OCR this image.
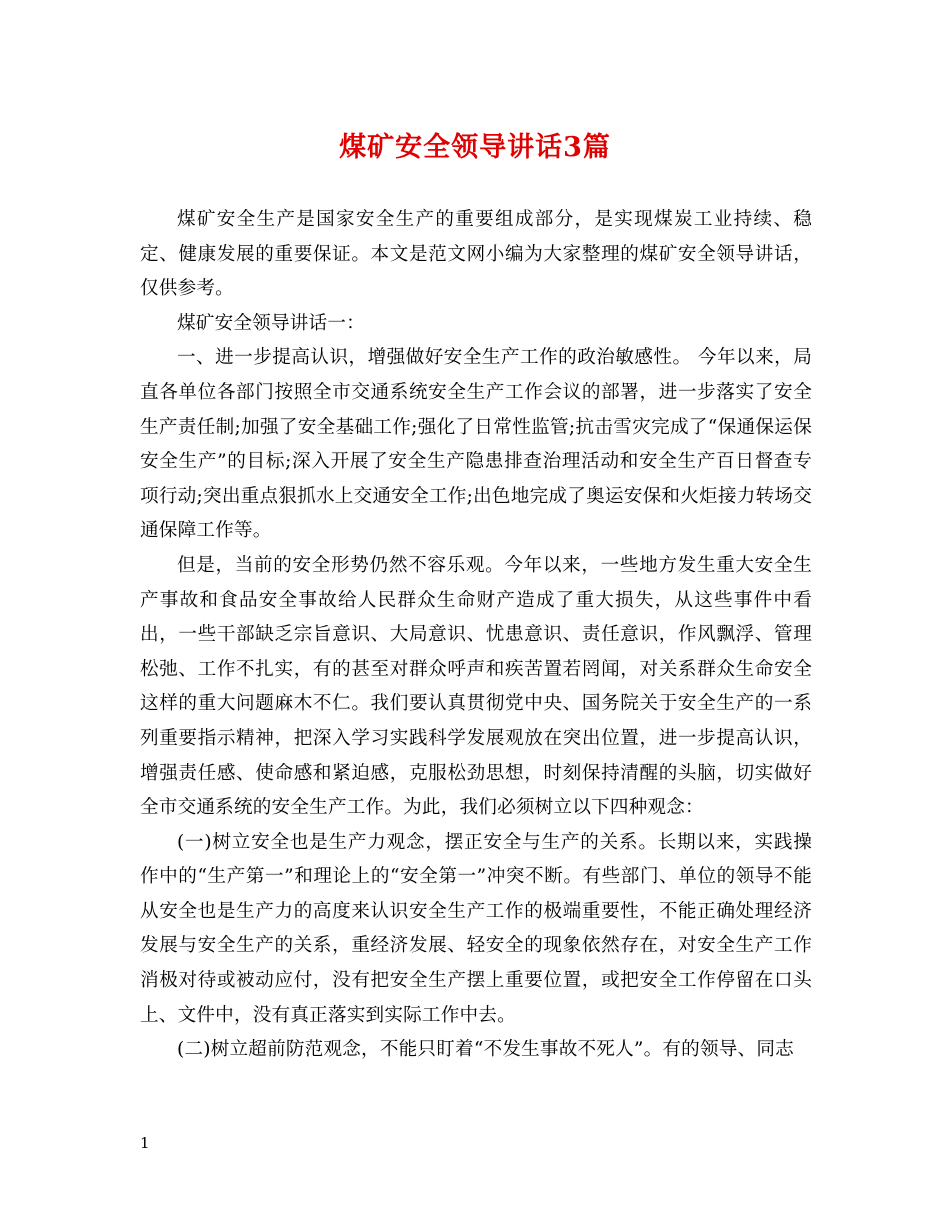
煤矿安全领导讲话3篇

煤矿安全生产是国家安全生产的重要组成部分，是实现煤炭工业持续、稳定、健康发展的重要保证。本文是范文网小编为大家整理的煤矿安全领导讲话，仅供参考。

煤矿安全领导讲话一：

一、进一步提高认识，增强做好安全生产工作的政治敏感性。 今年以来，局直各单位各部门按照全市交通系统安全生产工作会议的部署，进一步落实了安全生产责任制;加强了安全基础工作;强化了日常性监管;抗击雪灾完成了“保通保运保安全生产”的目标;深入开展了安全生产隐患排查治理活动和安全生产百日督查专项行动;突出重点狠抓水上交通安全工作;出色地完成了奥运安保和火炬接力转场交通保障工作等。

但是，当前的安全形势仍然不容乐观。今年以来，一些地方发生重大安全生产事故和食品安全事故给人民群众生命财产造成了重大损失，从这些事件中看出，一些干部缺乏宗旨意识、大局意识、忧患意识、责任意识，作风飘浮、管理松弛、工作不扎实，有的甚至对群众呼声和疾苦置若罔闻，对关系群众生命安全这样的重大问题麻木不仁。我们要认真贯彻党中央、国务院关于安全生产的一系列重要指示精神，把深入学习实践科学发展观放在突出位置，进一步提高认识，增强责任感、使命感和紧迫感，克服松劲思想，时刻保持清醒的头脑，切实做好全市交通系统的安全生产工作。为此，我们必须树立以下四种观念：

(一)树立安全也是生产力观念，摆正安全与生产的关系。长期以来，实践操作中的“生产第一”和理论上的“安全第一”冲突不断。有些部门、单位的领导不能从安全也是生产力的高度来认识安全生产工作的极端重要性，不能正确处理经济发展与安全生产的关系，重经济发展、轻安全的现象依然存在，对安全生产工作消极对待或被动应付，没有把安全生产摆上重要位置，或把安全工作停留在口头上、文件中，没有真正落实到实际工作中去。

(二)树立超前防范观念，不能只盯着“不发生事故不死人”。有的领导、同志

1
